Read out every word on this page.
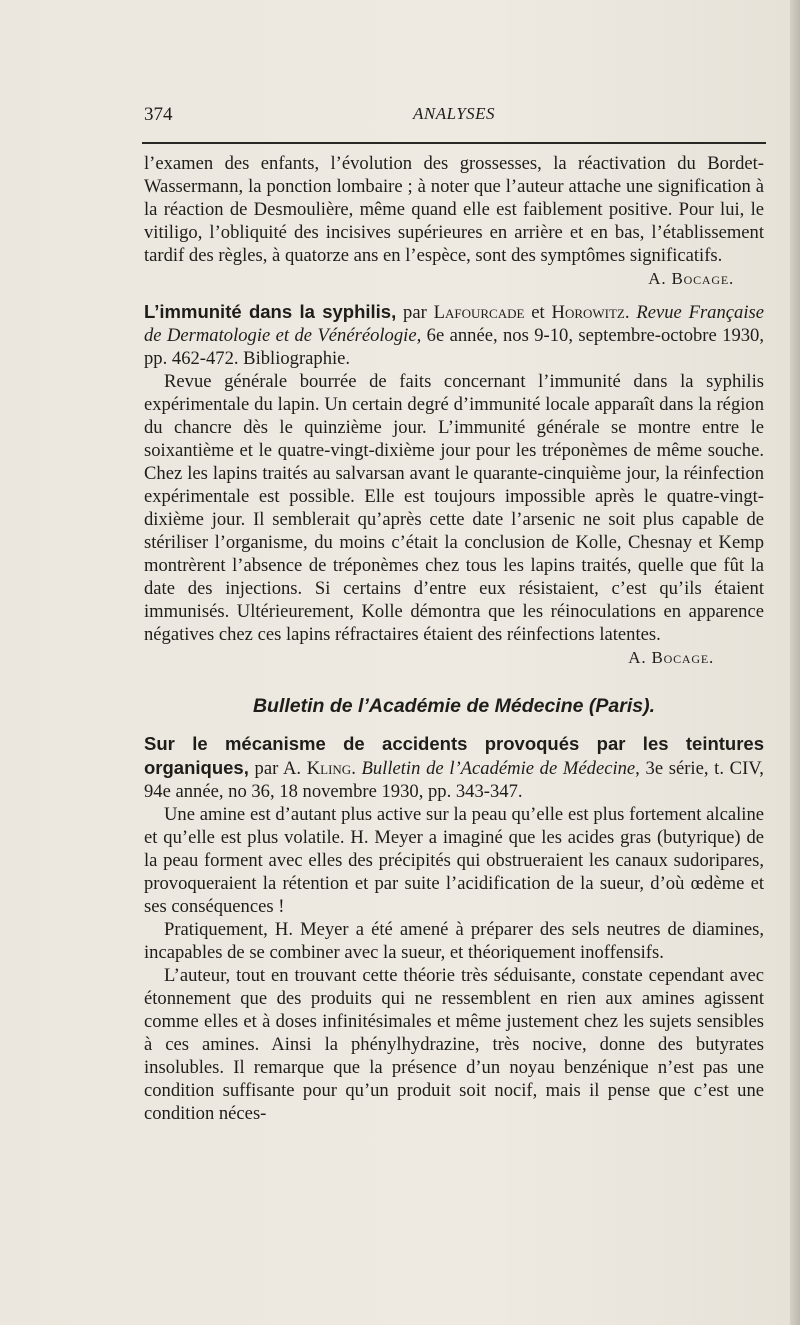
374	ANALYSES

l’examen des enfants, l’évolution des grossesses, la réactivation du Bordet-Wassermann, la ponction lombaire ; à noter que l’auteur attache une signification à la réaction de Desmoulière, même quand elle est faiblement positive. Pour lui, le vitiligo, l’obliquité des incisives supérieures en arrière et en bas, l’établissement tardif des règles, à quatorze ans en l’espèce, sont des symptômes significatifs.

A. Bocage.

L’immunité dans la syphilis, par Lafourcade et Horowitz. Revue Française de Dermatologie et de Vénéréologie, 6e année, nos 9-10, septembre-octobre 1930, pp. 462-472. Bibliographie.

Revue générale bourrée de faits concernant l’immunité dans la syphilis expérimentale du lapin. Un certain degré d’immunité locale apparaît dans la région du chancre dès le quinzième jour. L’immunité générale se montre entre le soixantième et le quatre-vingt-dixième jour pour les tréponèmes de même souche. Chez les lapins traités au salvarsan avant le quarante-cinquième jour, la réinfection expérimentale est possible. Elle est toujours impossible après le quatre-vingt-dixième jour. Il semblerait qu’après cette date l’arsenic ne soit plus capable de stériliser l’organisme, du moins c’était la conclusion de Kolle, Chesnay et Kemp montrèrent l’absence de tréponèmes chez tous les lapins traités, quelle que fût la date des injections. Si certains d’entre eux résistaient, c’est qu’ils étaient immunisés. Ultérieurement, Kolle démontra que les réinoculations en apparence négatives chez ces lapins réfractaires étaient des réinfections latentes.
A. Bocage.

Bulletin de l’Académie de Médecine (Paris).
Sur le mécanisme de accidents provoqués par les teintures organiques, par A. Kling. Bulletin de l’Académie de Médecine, 3e série, t. CIV, 94e année, no 36, 18 novembre 1930, pp. 343-347.

Une amine est d’autant plus active sur la peau qu’elle est plus fortement alcaline et qu’elle est plus volatile. H. Meyer a imaginé que les acides gras (butyrique) de la peau forment avec elles des précipités qui obstrueraient les canaux sudoripares, provoqueraient la rétention et par suite l’acidification de la sueur, d’où œdème et ses conséquences !

Pratiquement, H. Meyer a été amené à préparer des sels neutres de diamines, incapables de se combiner avec la sueur, et théoriquement inoffensifs.

L’auteur, tout en trouvant cette théorie très séduisante, constate cependant avec étonnement que des produits qui ne ressemblent en rien aux amines agissent comme elles et à doses infinitésimales et même justement chez les sujets sensibles à ces amines. Ainsi la phénylhydrazine, très nocive, donne des butyrates insolubles. Il remarque que la présence d’un noyau benzénique n’est pas une condition suffisante pour qu’un produit soit nocif, mais il pense que c’est une condition néces-
